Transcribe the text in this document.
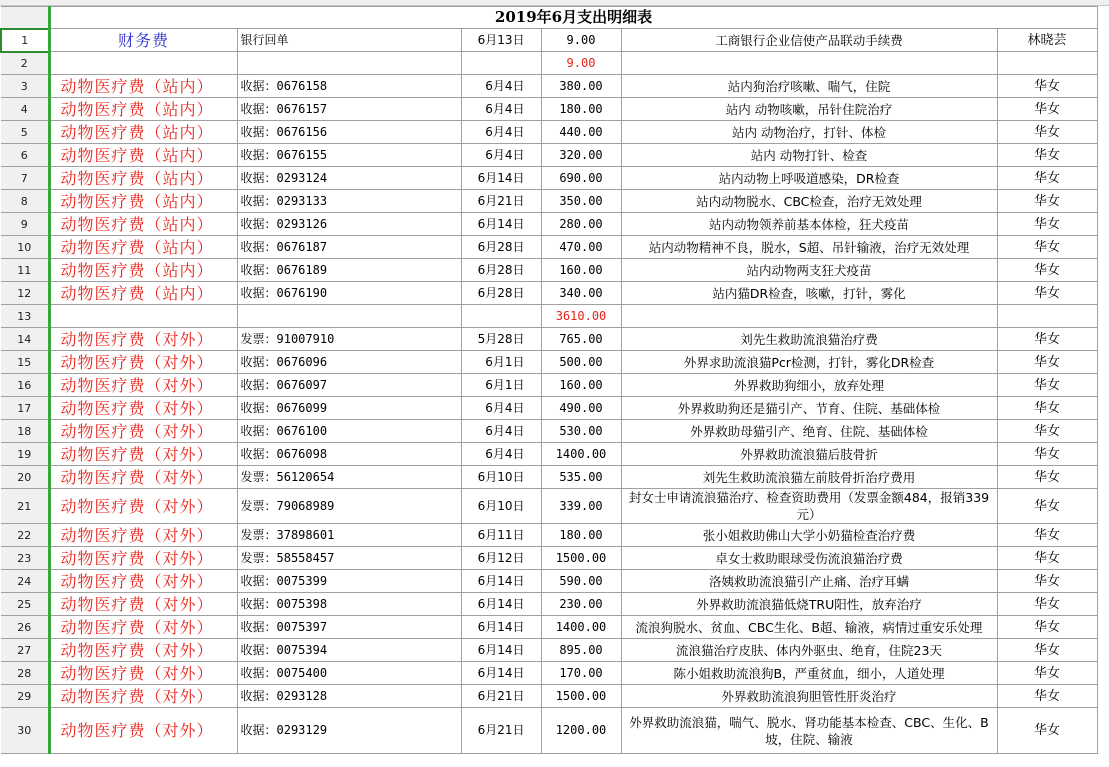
	2019年6月支出明细表					
1	财务费	银行回单	6月13日	9.00	工商银行企业信使产品联动手续费	林晓芸
2				9.00		
3	动物医疗费（站内）	收据：0676158	6月4日	380.00	站内狗治疗咳嗽、喘气，住院	华女
4	动物医疗费（站内）	收据：0676157	6月4日	180.00	站内 动物咳嗽，吊针住院治疗	华女
5	动物医疗费（站内）	收据：0676156	6月4日	440.00	站内 动物治疗，打针、体检	华女
6	动物医疗费（站内）	收据：0676155	6月4日	320.00	站内 动物打针、检查	华女
7	动物医疗费（站内）	收据：0293124	6月14日	690.00	站内动物上呼吸道感染，DR检查	华女
8	动物医疗费（站内）	收据：0293133	6月21日	350.00	站内动物脱水、CBC检查，治疗无效处理	华女
9	动物医疗费（站内）	收据：0293126	6月14日	280.00	站内动物领养前基本体检，狂犬疫苗	华女
10	动物医疗费（站内）	收据：0676187	6月28日	470.00	站内动物精神不良，脱水，S超、吊针输液，治疗无效处理	华女
11	动物医疗费（站内）	收据：0676189	6月28日	160.00	站内动物两支狂犬疫苗	华女
12	动物医疗费（站内）	收据：0676190	6月28日	340.00	站内猫DR检查，咳嗽，打针，雾化	华女
13				3610.00		
14	动物医疗费（对外）	发票：91007910	5月28日	765.00	刘先生救助流浪猫治疗费	华女
15	动物医疗费（对外）	收据：0676096	6月1日	500.00	外界求助流浪猫Pcr检测，打针，雾化DR检查	华女
16	动物医疗费（对外）	收据：0676097	6月1日	160.00	外界救助狗细小，放弃处理	华女
17	动物医疗费（对外）	收据：0676099	6月4日	490.00	外界救助狗还是猫引产、节育、住院、基础体检	华女
18	动物医疗费（对外）	收据：0676100	6月4日	530.00	外界救助母猫引产、绝育、住院、基础体检	华女
19	动物医疗费（对外）	收据：0676098	6月4日	1400.00	外界救助流浪猫后肢骨折	华女
20	动物医疗费（对外）	发票：56120654	6月10日	535.00	刘先生救助流浪猫左前肢骨折治疗费用	华女
21	动物医疗费（对外）	发票：79068989	6月10日	339.00	封女士申请流浪猫治疗、检查资助费用（发票金额484，报销339元）	华女
22	动物医疗费（对外）	发票：37898601	6月11日	180.00	张小姐救助佛山大学小奶猫检查治疗费	华女
23	动物医疗费（对外）	发票：58558457	6月12日	1500.00	卓女士救助眼球受伤流浪猫治疗费	华女
24	动物医疗费（对外）	收据：0075399	6月14日	590.00	洛姨救助流浪猫引产止痛、治疗耳螨	华女
25	动物医疗费（对外）	收据：0075398	6月14日	230.00	外界救助流浪猫低烧TRU阳性，放弃治疗	华女
26	动物医疗费（对外）	收据：0075397	6月14日	1400.00	流浪狗脱水、贫血、CBC生化、B超、输液，病情过重安乐处理	华女
27	动物医疗费（对外）	收据：0075394	6月14日	895.00	流浪猫治疗皮肤、体内外驱虫、绝育，住院23天	华女
28	动物医疗费（对外）	收据：0075400	6月14日	170.00	陈小姐救助流浪狗B，严重贫血，细小，人道处理	华女
29	动物医疗费（对外）	收据：0293128	6月21日	1500.00	外界救助流浪狗胆管性肝炎治疗	华女
30	动物医疗费（对外）	收据：0293129	6月21日	1200.00	外界救助流浪猫，喘气、脱水、肾功能基本检查、CBC、生化、B坡，住院、输液	华女
